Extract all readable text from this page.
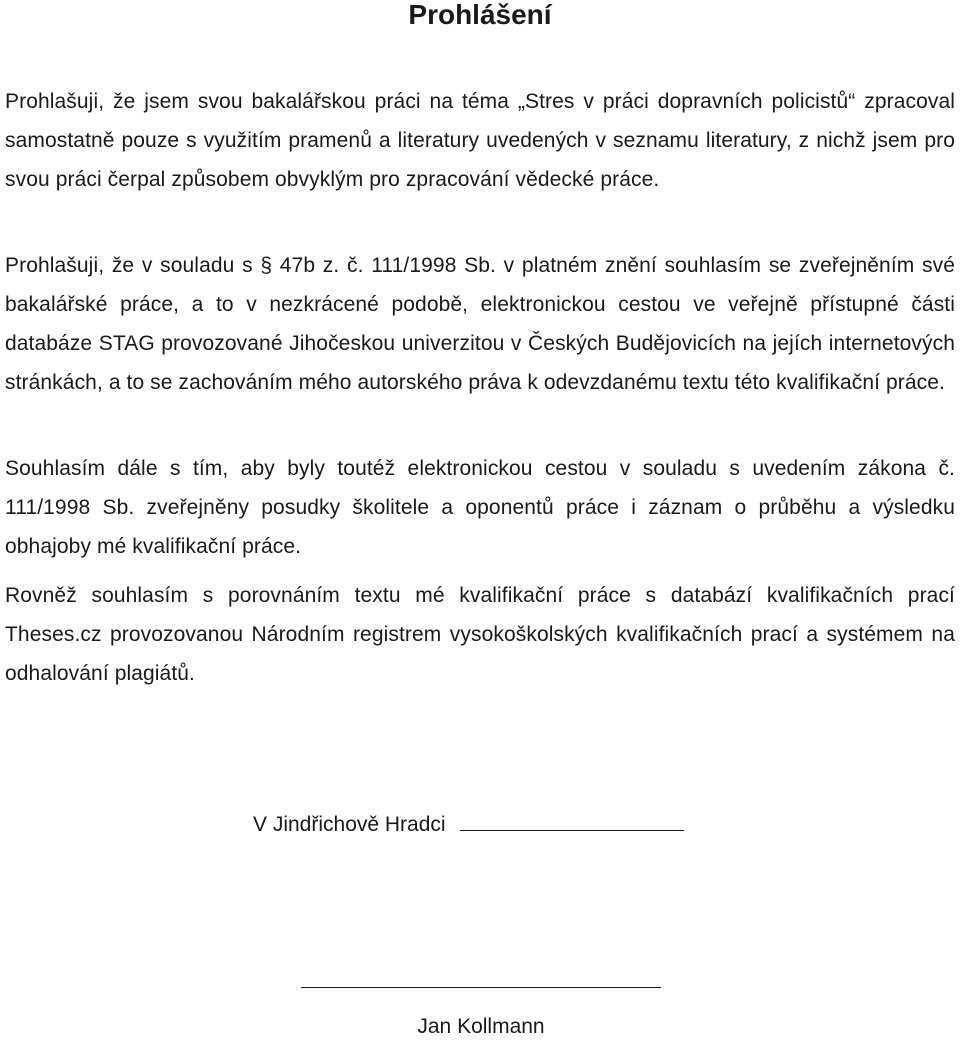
Prohlášení

Prohlašuji, že jsem svou bakalářskou práci na téma „Stres v práci dopravních policistů“ zpracoval samostatně pouze s využitím pramenů a literatury uvedených v seznamu literatury, z nichž jsem pro svou práci čerpal způsobem obvyklým pro zpracování vědecké práce.

Prohlašuji, že v souladu s § 47b z. č. 111/1998 Sb. v platném znění souhlasím se zveřejněním své bakalářské práce, a to v nezkrácené podobě, elektronickou cestou ve veřejně přístupné části databáze STAG provozované Jihočeskou univerzitou v Českých Budějovicích na jejích internetových stránkách, a to se zachováním mého autorského práva k odevzdanému textu této kvalifikační práce.

Souhlasím dále s tím, aby byly toutéž elektronickou cestou v souladu s uvedením zákona č. 111/1998 Sb. zveřejněny posudky školitele a oponentů práce i záznam o průběhu a výsledku obhajoby mé kvalifikační práce.

Rovněž souhlasím s porovnáním textu mé kvalifikační práce s databází kvalifikačních prací Theses.cz provozovanou Národním registrem vysokoškolských kvalifikačních prací a systémem na odhalování plagiátů.

V Jindřichově Hradci

Jan Kollmann
